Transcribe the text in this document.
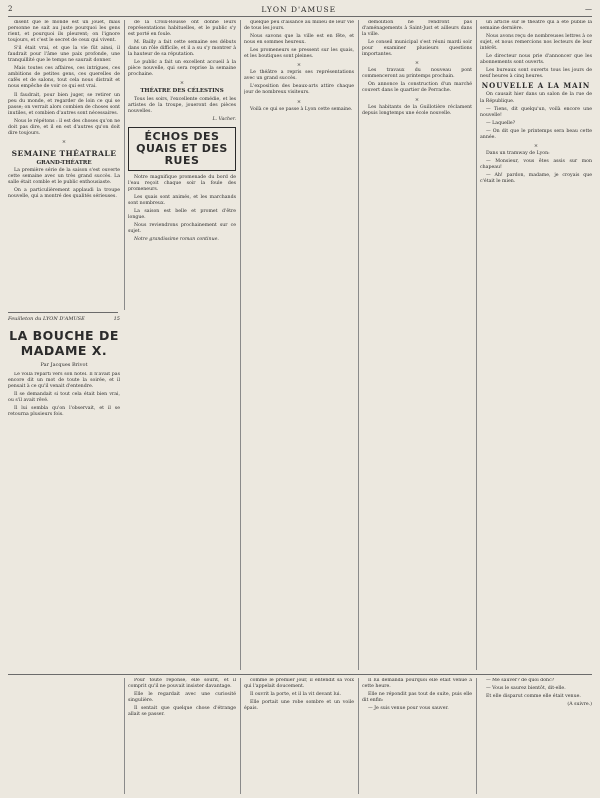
2	LYON D'AMUSE	—

disent que le monde est un jouet, mais personne ne sait au juste pourquoi les gens rient, et pourquoi ils pleurent; on l'ignore toujours, et c'est le secret de ceux qui vivent.

S'il était vrai, et que la vie fût ainsi, il faudrait pour l'âme une paix profonde, une tranquillité que le temps ne saurait donner.

Mais toutes ces affaires, ces intrigues, ces ambitions de petites gens, ces querelles de cafés et de salons, tout cela nous distrait et nous empêche de voir ce qui est vrai.

Il faudrait, pour bien juger, se retirer un peu du monde, et regarder de loin ce qui se passe; on verrait alors combien de choses sont inutiles, et combien d'autres sont nécessaires.

Nous le répétons : il est des choses qu'on ne doit pas dire, et il en est d'autres qu'on doit dire toujours.

×
SEMAINE THÉATRALE
GRAND-THÉATRE

La première série de la saison s'est ouverte cette semaine avec un très grand succès. La salle était comble et le public enthousiaste.

On a particulièrement applaudi la troupe nouvelle, qui a montré des qualités sérieuses.

de la Croix-Rousse ont donné leurs représentations habituelles, et le public s'y est porté en foule.

M. Bailly a fait cette semaine ses débuts dans un rôle difficile, et il a su s'y montrer à la hauteur de sa réputation.

Le public a fait un excellent accueil à la pièce nouvelle, qui sera reprise la semaine prochaine.

×
THÉATRE DES CÉLESTINS

Tous les soirs, l'excellente comédie, et les artistes de la troupe, joueront des pièces nouvelles.

L. Vacher.
ÉCHOS DES QUAIS ET DES RUES

Notre magnifique promenade du bord de l'eau reçoit chaque soir la foule des promeneurs.

Les quais sont animés, et les marchands sont nombreux.

La saison est belle et promet d'être longue.

Nous reviendrons prochainement sur ce sujet.

Notre grandissime roman continue.

quelque peu d'aisance au milieu de leur vie de tous les jours.

Nous savons que la ville est en fête, et nous en sommes heureux.

Les promeneurs se pressent sur les quais, et les boutiques sont pleines.

×

Le théâtre a repris ses représentations avec un grand succès.

L'exposition des beaux-arts attire chaque jour de nombreux visiteurs.

×

Voilà ce qui se passe à Lyon cette semaine.

démolition ne rendront pas d'aménagements à Saint-Just et ailleurs dans la ville.

Le conseil municipal s'est réuni mardi soir pour examiner plusieurs questions importantes.

×

Les travaux du nouveau pont commenceront au printemps prochain.

On annonce la construction d'un marché couvert dans le quartier de Perrache.

×

Les habitants de la Guillotière réclament depuis longtemps une école nouvelle.

un article sur le théâtre qui a été publié la semaine dernière.

Nous avons reçu de nombreuses lettres à ce sujet, et nous remercions nos lecteurs de leur intérêt.

Le directeur nous prie d'annoncer que les abonnements sont ouverts.

Les bureaux sont ouverts tous les jours de neuf heures à cinq heures.

NOUVELLE A LA MAIN

On causait hier dans un salon de la rue de la République.

— Tiens, dit quelqu'un, voilà encore une nouvelle!

— Laquelle?

— On dit que le printemps sera beau cette année.

×

Dans un tramway de Lyon:

— Monsieur, vous êtes assis sur mon chapeau!

— Ah! pardon, madame, je croyais que c'était le mien.

Feuilleton du LYON D'AMUSE	15
LA BOUCHE DE MADAME X.
Par Jacques Brivot

Le voilà reparti vers son hôtel. Il n'avait pas encore dit un mot de toute la soirée, et il pensait à ce qu'il venait d'entendre.

Il se demandait si tout cela était bien vrai, ou s'il avait rêvé.

Il lui sembla qu'on l'observait, et il se retourna plusieurs fois.

Pour toute réponse, elle sourit, et il comprit qu'il ne pouvait insister davantage.

Elle le regardait avec une curiosité singulière.

Il sentait que quelque chose d'étrange allait se passer.

comme le premier jour, il entendit sa voix qui l'appelait doucement.

Il ouvrit la porte, et il la vit devant lui.

Elle portait une robe sombre et un voile épais.

Il lui demanda pourquoi elle était venue à cette heure.

Elle ne répondit pas tout de suite, puis elle dit enfin:

— Je suis venue pour vous sauver.

— Me sauver? de quoi donc?

— Vous le saurez bientôt, dit-elle.

Et elle disparut comme elle était venue.

(A suivre.)
